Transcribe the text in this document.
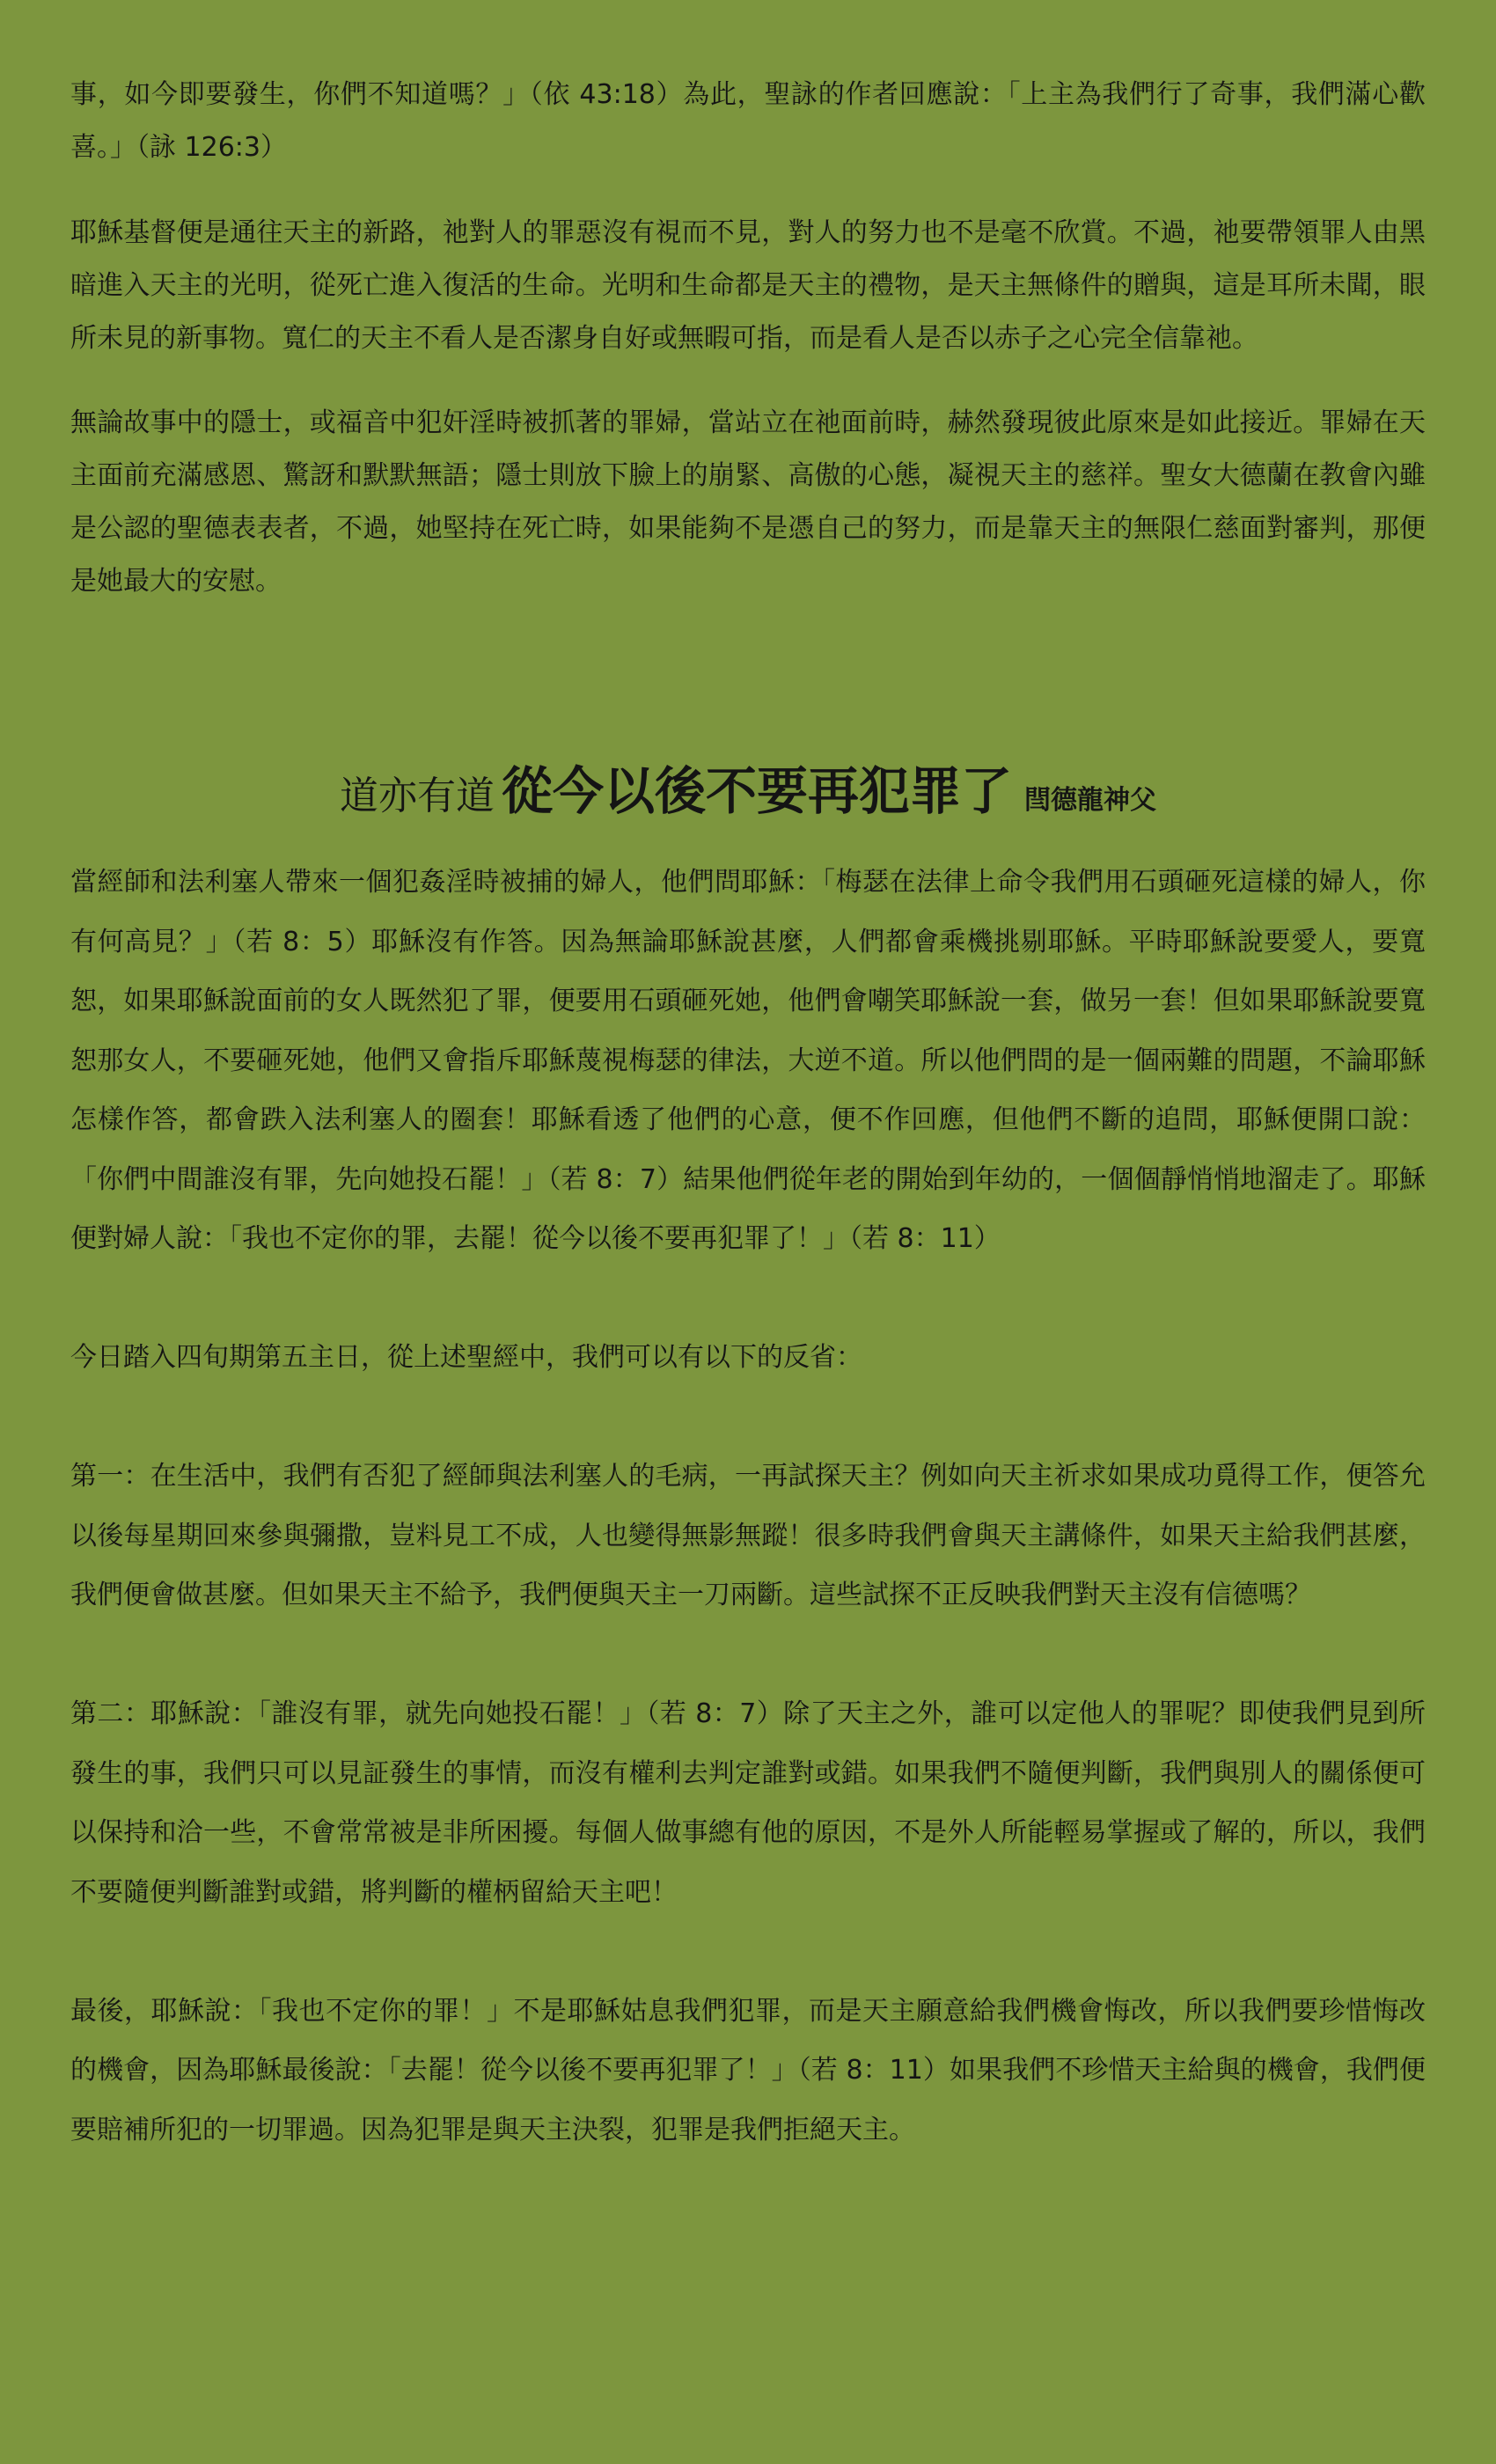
事，如今即要發生，你們不知道嗎？」（依 43:18）為此，聖詠的作者回應說：「上主為我們行了奇事，我們滿心歡喜。」（詠 126:3）

耶穌基督便是通往天主的新路，祂對人的罪惡沒有視而不見，對人的努力也不是毫不欣賞。不過，祂要帶領罪人由黑暗進入天主的光明，從死亡進入復活的生命。光明和生命都是天主的禮物，是天主無條件的贈與，這是耳所未聞，眼所未見的新事物。寬仁的天主不看人是否潔身自好或無暇可指，而是看人是否以赤子之心完全信靠祂。

無論故事中的隱士，或福音中犯奸淫時被抓著的罪婦，當站立在祂面前時，赫然發現彼此原來是如此接近。罪婦在天主面前充滿感恩、驚訝和默默無語；隱士則放下臉上的崩緊、高傲的心態，凝視天主的慈祥。聖女大德蘭在教會內雖是公認的聖德表表者，不過，她堅持在死亡時，如果能夠不是憑自己的努力，而是靠天主的無限仁慈面對審判，那便是她最大的安慰。

道亦有道 從今以後不要再犯罪了 閆德龍神父

當經師和法利塞人帶來一個犯姦淫時被捕的婦人，他們問耶穌：「梅瑟在法律上命令我們用石頭砸死這樣的婦人，你有何高見？」（若 8：5）耶穌沒有作答。因為無論耶穌說甚麼，人們都會乘機挑剔耶穌。平時耶穌說要愛人，要寬恕，如果耶穌說面前的女人既然犯了罪，便要用石頭砸死她，他們會嘲笑耶穌說一套，做另一套！但如果耶穌說要寬恕那女人，不要砸死她，他們又會指斥耶穌蔑視梅瑟的律法，大逆不道。所以他們問的是一個兩難的問題，不論耶穌怎樣作答，都會跌入法利塞人的圈套！耶穌看透了他們的心意，便不作回應，但他們不斷的追問，耶穌便開口說：「你們中間誰沒有罪，先向她投石罷！」（若 8：7）結果他們從年老的開始到年幼的，一個個靜悄悄地溜走了。耶穌便對婦人說：「我也不定你的罪，去罷！從今以後不要再犯罪了！」（若 8：11）

今日踏入四旬期第五主日，從上述聖經中，我們可以有以下的反省：

第一：在生活中，我們有否犯了經師與法利塞人的毛病，一再試探天主？例如向天主祈求如果成功覓得工作，便答允以後每星期回來參與彌撒，豈料見工不成，人也變得無影無蹤！很多時我們會與天主講條件，如果天主給我們甚麼，我們便會做甚麼。但如果天主不給予，我們便與天主一刀兩斷。這些試探不正反映我們對天主沒有信德嗎？

第二：耶穌說：「誰沒有罪，就先向她投石罷！」（若 8：7）除了天主之外，誰可以定他人的罪呢？即使我們見到所發生的事，我們只可以見証發生的事情，而沒有權利去判定誰對或錯。如果我們不隨便判斷，我們與別人的關係便可以保持和洽一些，不會常常被是非所困擾。每個人做事總有他的原因，不是外人所能輕易掌握或了解的，所以，我們不要隨便判斷誰對或錯，將判斷的權柄留給天主吧！

最後，耶穌說：「我也不定你的罪！」不是耶穌姑息我們犯罪，而是天主願意給我們機會悔改，所以我們要珍惜悔改的機會，因為耶穌最後說：「去罷！從今以後不要再犯罪了！」（若 8：11）如果我們不珍惜天主給與的機會，我們便要賠補所犯的一切罪過。因為犯罪是與天主決裂，犯罪是我們拒絕天主。
